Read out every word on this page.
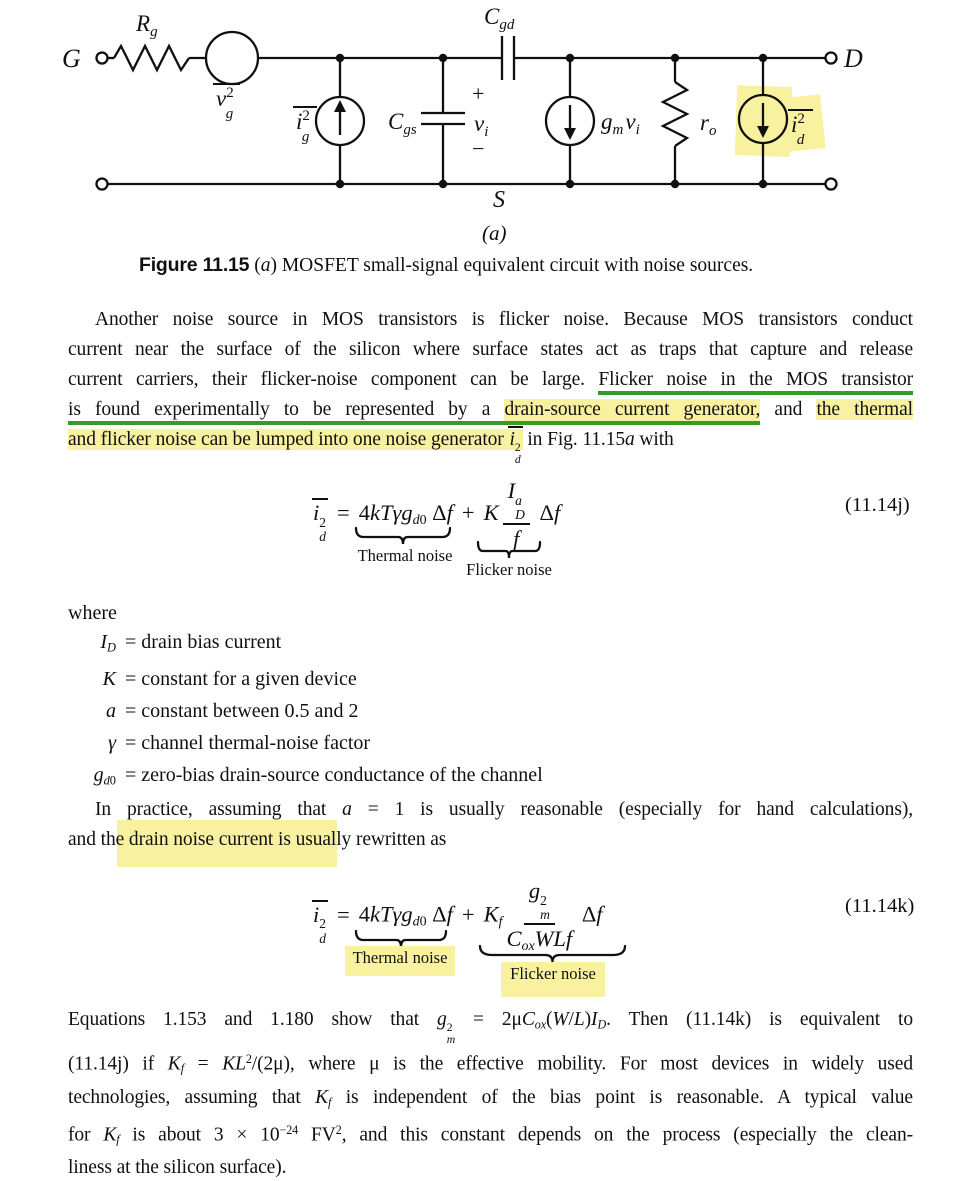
G	D
$R_g$
$v^2$ g	$i^2$ g
$C_{gs}$
$C_{gd}$
+
$v_i$
−
$g_mv_i$	$r_o$	$i^2$ d
S
(a)
Figure 11.15 (a) MOSFET small-signal equivalent circuit with noise sources.
Another noise source in MOS transistors is flicker noise. Because MOS transistors conduct
current near the surface of the silicon where surface states act as traps that capture and release
current carriers, their flicker-noise component can be large. Flicker noise in the MOS transistor
is found experimentally to be represented by a drain-source current generator, and the thermal
and flicker noise can be lumped into one noise generator i 2
d
in Fig. 11.15a with
i 2
d
= 4kTγg$_{d0}$ Δf + K I a
D
f Δf	(11.14j)
Thermal noise
Flicker noise
where
$I_D$ = drain bias current
K = constant for a given device
a = constant between 0.5 and 2
γ = channel thermal-noise factor
$g_{d0}$ = zero-bias drain-source conductance of the channel
In practice, assuming that a = 1 is usually reasonable (especially for hand calculations),
and the drain noise current is usually rewritten as
i 2
d
= 4kTγg$_{d0}$ $\Delta f + K_f$ g 2
m
$C_{ox}WLf$ Δf	(11.14k)
Thermal noise
Flicker noise
Equations 1.153 and 1.180 show that g 2
m
= $2\mu C_{ox}(W/L)I_D$. Then (11.14k) is equivalent to
(11.14j) if $K_f = KL^2/(2\mu)$, where μ is the effective mobility. For most devices in widely used
technologies, assuming that $K_f$ is independent of the bias point is reasonable. A typical value
for $K_f$ is about $3 \times 10^{-24}$ $FV^2$, and this constant depends on the process (especially the clean-
liness at the silicon surface).
